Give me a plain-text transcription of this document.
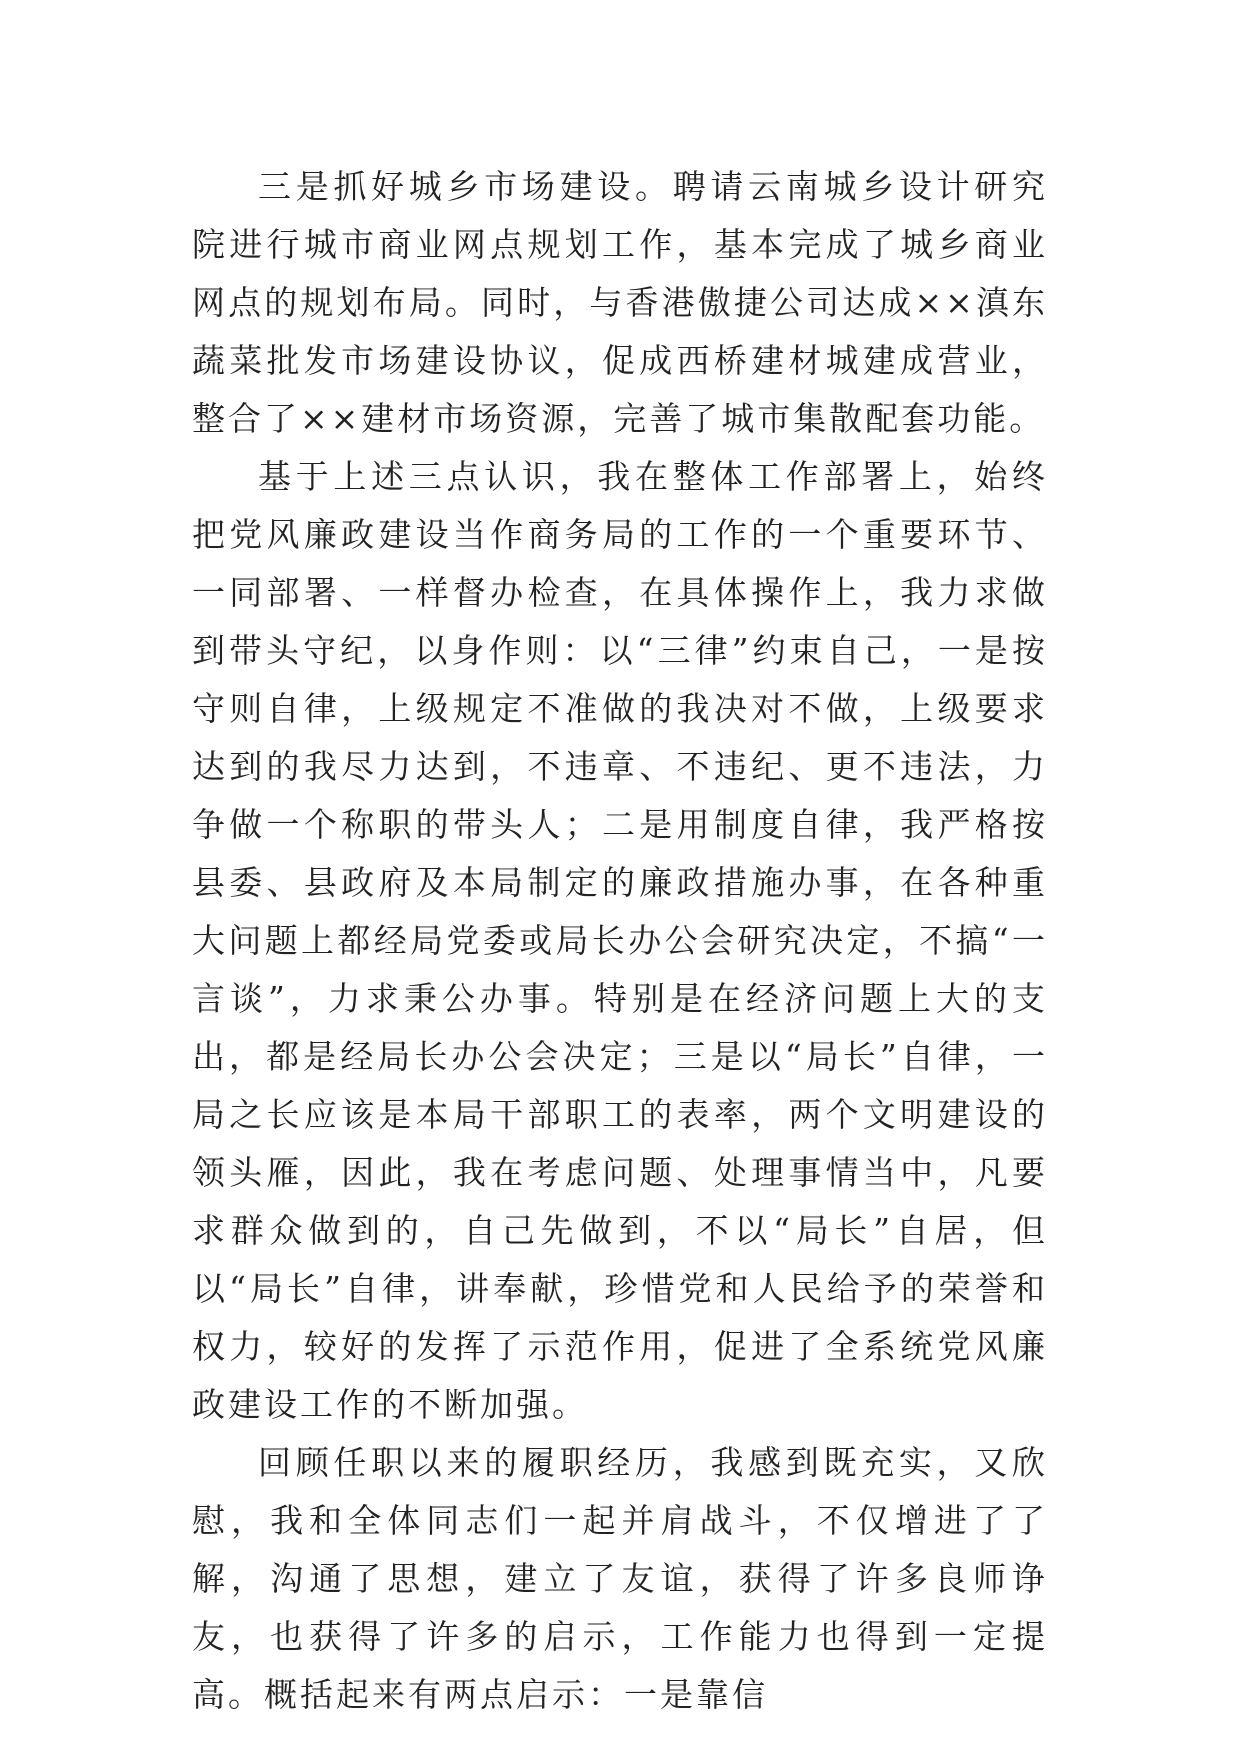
三是抓好城乡市场建设。聘请云南城乡设计研究院进行城市商业网点规划工作，基本完成了城乡商业网点的规划布局。同时，与香港傲捷公司达成××滇东蔬菜批发市场建设协议，促成西桥建材城建成营业，整合了××建材市场资源，完善了城市集散配套功能。

基于上述三点认识，我在整体工作部署上，始终把党风廉政建设当作商务局的工作的一个重要环节、一同部署、一样督办检查，在具体操作上，我力求做到带头守纪，以身作则：以“三律”约束自己，一是按守则自律，上级规定不准做的我决对不做，上级要求达到的我尽力达到，不违章、不违纪、更不违法，力争做一个称职的带头人；二是用制度自律，我严格按县委、县政府及本局制定的廉政措施办事，在各种重大问题上都经局党委或局长办公会研究决定，不搞“一言谈”，力求秉公办事。特别是在经济问题上大的支出，都是经局长办公会决定；三是以“局长”自律，一局之长应该是本局干部职工的表率，两个文明建设的领头雁，因此，我在考虑问题、处理事情当中，凡要求群众做到的，自己先做到，不以“局长”自居，但以“局长”自律，讲奉献，珍惜党和人民给予的荣誉和权力，较好的发挥了示范作用，促进了全系统党风廉政建设工作的不断加强。

回顾任职以来的履职经历，我感到既充实，又欣慰，我和全体同志们一起并肩战斗，不仅增进了了解，沟通了思想，建立了友谊，获得了许多良师诤友，也获得了许多的启示，工作能力也得到一定提高。概括起来有两点启示：一是靠信
